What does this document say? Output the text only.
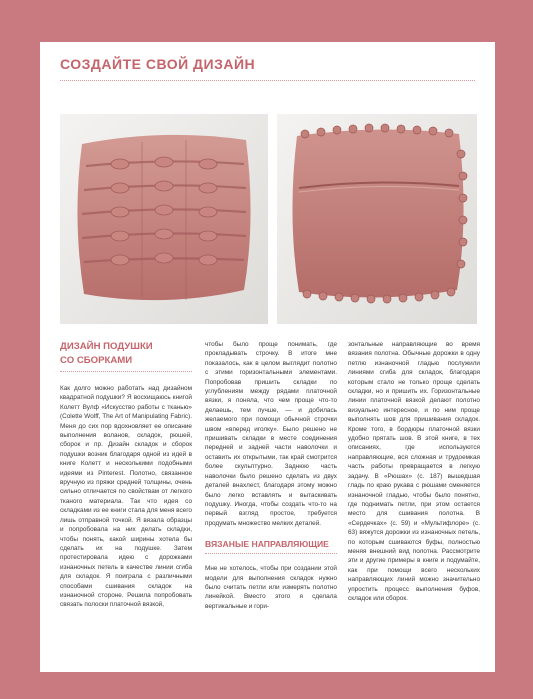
СОЗДАЙТЕ СВОЙ ДИЗАЙН
ДИЗАЙН ПОДУШКИ
СО СБОРКАМИ

Как долго можно работать над дизайном квадратной подушки? Я восхищаюсь книгой Колетт Вулф «Искусство работы с тканью» (Colette Wolff, The Art of Manipulating Fabric). Меня до сих пор вдохновляет ее описание выполнения воланов, складок, рюшей, сборок и пр. Дизайн складок и сборок подушки возник благодаря одной из идей в книге Колетт и несколькими подобными идеями из Pinterest. Полотно, связанное вручную из пряжи средней толщины, очень сильно отличается по свойствам от легкого тканого материала. Так что идея со складками из ее книги стала для меня всего лишь отправной точкой. Я вязала образцы и попробовала на них делать складки, чтобы понять, какой ширины хотела бы сделать их на подушке. Затем протестировала идею с дорожками изнаночных петель в качестве линии сгиба для складок. Я поиграла с различными способами сшивания складок на изнаночной стороне. Решила попробовать связать полоски платочной вязкой,

чтобы было проще понимать, где прокладывать строчку. В итоге мне показалось, как в целом выглядит полотно с этими горизонтальными элементами. Попробовав пришить складки по углублениям между рядами платочной вязки, я поняла, что чем проще что-то делаешь, тем лучше, — и добилась желаемого при помощи обычной строчки швом «вперед иголку». Было решено не пришивать складки в месте соединения передней и задней части наволочки и оставить их открытыми, так край смотрится более скульптурно. Заднюю часть наволочки было решено сделать из двух деталей внахлест, благодаря этому можно было легко вставлять и вытаскивать подушку. Иногда, чтобы создать что-то на первый взгляд простое, требуется продумать множество мелких деталей.

ВЯЗАНЫЕ НАПРАВЛЯЮЩИЕ

Мне не хотелось, чтобы при создании этой модели для выполнения складок нужно было считать петли или измерять полотно линейкой. Вместо этого я сделала вертикальные и гори-

зонтальные направляющие во время вязания полотна. Обычные дорожки в одну петлю изнаночной гладью послужили линиями сгиба для складок, благодаря которым стало не только проще сделать складки, но и пришить их. Горизонтальные линии платочной вязкой делают полотно визуально интересное, и по ним проще выполнять шов для пришивания складок. Кроме того, в бордюры платочной вязки удобно прятать шов. В этой книге, в тех описаниях, где используются направляющие, вся сложная и трудоемкая часть работы превращается в легкую задачу. В «Рюшах» (с. 187) вышедшая гладь по краю рукава с рюшами сменяется изнаночной гладью, чтобы было понятно, где поднимать петли, при этом остается место для сшивания полотна. В «Сердечках» (с. 59) и «Мультифлоре» (с. 63) вяжутся дорожки из изнаночных петель, по которым сшиваются буфы, полностью меняя внешний вид полотна. Рассмотрите эти и другие примеры в книге и подумайте, как при помощи всего нескольких направляющих линий можно значительно упростить процесс выполнения буфов, складок или сборок.
